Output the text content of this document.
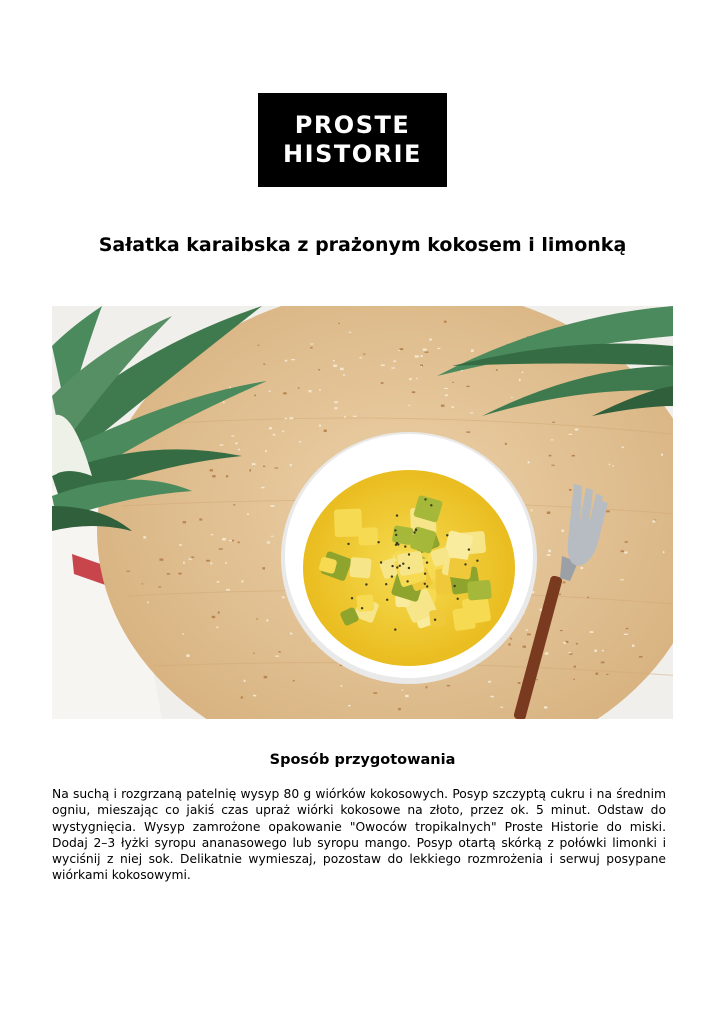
PROSTE
HISTORIE
Sałatka karaibska z prażonym kokosem i limonką
Sposób przygotowania

Na suchą i rozgrzaną patelnię wysyp 80 g wiórków kokosowych. Posyp szczyptą cukru i na średnim ogniu, mieszając co jakiś czas upraż wiórki kokosowe na złoto, przez ok. 5 minut. Odstaw do wystygnięcia. Wysyp zamrożone opakowanie "Owoców tropikalnych" Proste Historie do miski. Dodaj 2–3 łyżki syropu ananasowego lub syropu mango. Posyp otartą skórką z połówki limonki i wyciśnij z niej sok. Delikatnie wymieszaj, pozostaw do lekkiego rozmrożenia i serwuj posypane wiórkami kokosowymi.
